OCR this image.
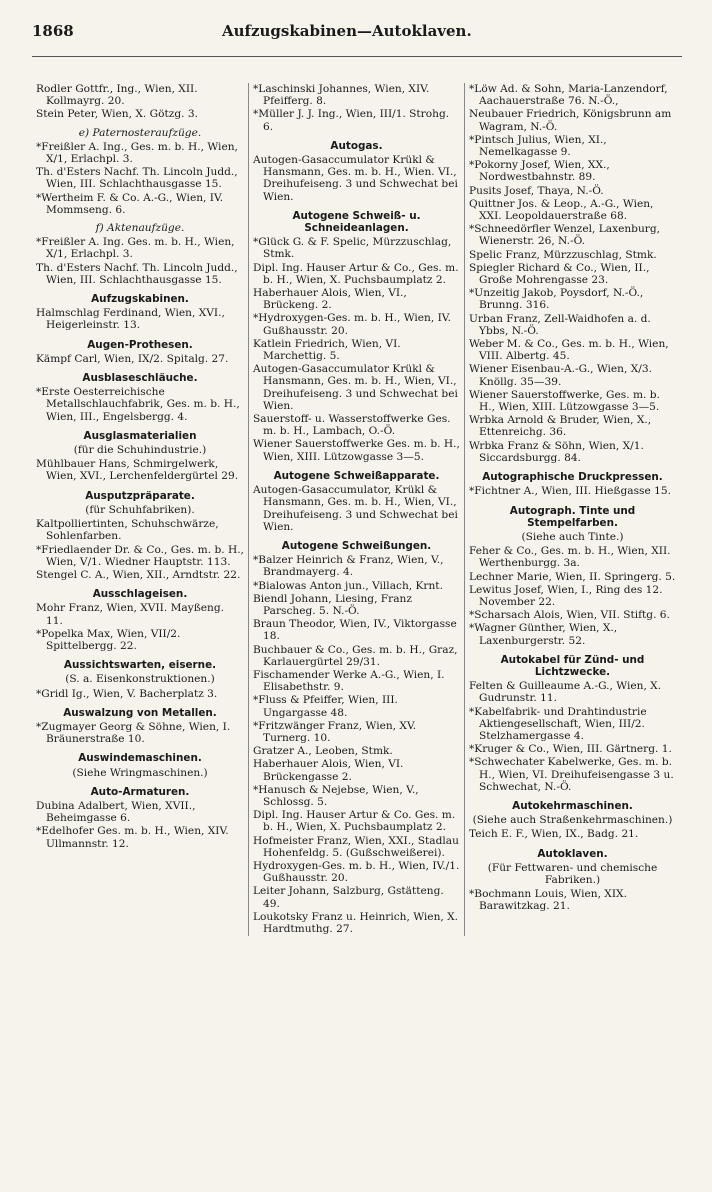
1868	Aufzugskabinen—Autoklaven.
Rodler Gottfr., Ing., Wien, XII. Kollmayrg. 20.
Stein Peter, Wien, X. Götzg. 3.
e) Paternosteraufzüge.
*Freißler A. Ing., Ges. m. b. H., Wien, X/1, Erlachpl. 3.
Th. d'Esters Nachf. Th. Lincoln Judd., Wien, III. Schlachthausgasse 15.
*Wertheim F. & Co. A.-G., Wien, IV. Mommseng. 6.
f) Aktenaufzüge.
*Freißler A. Ing. Ges. m. b. H., Wien, X/1, Erlachpl. 3.
Th. d'Esters Nachf. Th. Lincoln Judd., Wien, III. Schlachthausgasse 15.
Aufzugskabinen.
Halmschlag Ferdinand, Wien, XVI., Heigerleinstr. 13.
Augen-Prothesen.
Kämpf Carl, Wien, IX/2. Spitalg. 27.
Ausblaseschläuche.
*Erste Oesterreichische Metallschlauchfabrik, Ges. m. b. H., Wien, III., Engelsbergg. 4.
Ausglasmaterialien
(für die Schuhindustrie.)
Mühlbauer Hans, Schmirgelwerk, Wien, XVI., Lerchenfeldergürtel 29.
Ausputzpräparate.
(für Schuhfabriken).
Kaltpolliertinten, Schuhschwärze, Sohlenfarben.
*Friedlaender Dr. & Co., Ges. m. b. H., Wien, V/1. Wiedner Hauptstr. 113.
Stengel C. A., Wien, XII., Arndtstr. 22.
Ausschlageisen.
Mohr Franz, Wien, XVII. Mayßeng. 11.
*Popelka Max, Wien, VII/2. Spittelbergg. 22.
Aussichtswarten, eiserne.
(S. a. Eisenkonstruktionen.)
*Gridl Ig., Wien, V. Bacherplatz 3.
Auswalzung von Metallen.
*Zugmayer Georg & Söhne, Wien, I. Bräunerstraße 10.
Auswindemaschinen.
(Siehe Wringmaschinen.)
Auto-Armaturen.
Dubina Adalbert, Wien, XVII., Beheimgasse 6.
*Edelhofer Ges. m. b. H., Wien, XIV. Ullmannstr. 12.
*Laschinski Johannes, Wien, XIV. Pfeifferg. 8.
*Müller J. J. Ing., Wien, III/1. Strohg. 6.
Autogas.
Autogen-Gasaccumulator Krükl & Hansmann, Ges. m. b. H., Wien. VI., Dreihufeiseng. 3 und Schwechat bei Wien.
Autogene Schweiß- u. Schneideanlagen.
*Glück G. & F. Spelic, Mürzzuschlag, Stmk.
Dipl. Ing. Hauser Artur & Co., Ges. m. b. H., Wien, X. Puchsbaumplatz 2.
Haberhauer Alois, Wien, VI., Brückeng. 2.
*Hydroxygen-Ges. m. b. H., Wien, IV. Gußhausstr. 20.
Katlein Friedrich, Wien, VI. Marchettig. 5.
Autogen-Gasaccumulator Krükl & Hansmann, Ges. m. b. H., Wien, VI., Dreihufeiseng. 3 und Schwechat bei Wien.
Sauerstoff- u. Wasserstoffwerke Ges. m. b. H., Lambach, O.-Ö.
Wiener Sauerstoffwerke Ges. m. b. H., Wien, XIII. Lützowgasse 3—5.
Autogene Schweißapparate.
Autogen-Gasaccumulator, Krükl & Hansmann, Ges. m. b. H., Wien, VI., Dreihufeiseng. 3 und Schwechat bei Wien.
Autogene Schweißungen.
*Balzer Heinrich & Franz, Wien, V., Brandmayerg. 4.
*Bialowas Anton jun., Villach, Krnt.
Biendl Johann, Liesing, Franz Parscheg. 5. N.-Ö.
Braun Theodor, Wien, IV., Viktorgasse 18.
Buchbauer & Co., Ges. m. b. H., Graz, Karlauergürtel 29/31.
Fischamender Werke A.-G., Wien, I. Elisabethstr. 9.
*Fluss & Pfeiffer, Wien, III. Ungargasse 48.
*Fritzwänger Franz, Wien, XV. Turnerg. 10.
Gratzer A., Leoben, Stmk.
Haberhauer Alois, Wien, VI. Brückengasse 2.
*Hanusch & Nejebse, Wien, V., Schlossg. 5.
Dipl. Ing. Hauser Artur & Co. Ges. m. b. H., Wien, X. Puchsbaumplatz 2.
Hofmeister Franz, Wien, XXI., Stadlau Hohenfeldg. 5. (Gußschweißerei).
Hydroxygen-Ges. m. b. H., Wien, IV./1. Gußhausstr. 20.
Leiter Johann, Salzburg, Gstätteng. 49.
Loukotsky Franz u. Heinrich, Wien, X. Hardtmuthg. 27.
*Löw Ad. & Sohn, Maria-Lanzendorf, Aachauerstraße 76. N.-Ö.,
Neubauer Friedrich, Königsbrunn am Wagram, N.-Ö.
*Pintsch Julius, Wien, XI., Nemelkagasse 9.
*Pokorny Josef, Wien, XX., Nordwestbahnstr. 89.
Pusits Josef, Thaya, N.-Ö.
Quittner Jos. & Leop., A.-G., Wien, XXI. Leopoldauerstraße 68.
*Schneedörfler Wenzel, Laxenburg, Wienerstr. 26, N.-Ö.
Spelic Franz, Mürzzuschlag, Stmk.
Spiegler Richard & Co., Wien, II., Große Mohrengasse 23.
*Unzeitig Jakob, Poysdorf, N.-Ö., Brunng. 316.
Urban Franz, Zell-Waidhofen a. d. Ybbs, N.-Ö.
Weber M. & Co., Ges. m. b. H., Wien, VIII. Albertg. 45.
Wiener Eisenbau-A.-G., Wien, X/3. Knöllg. 35—39.
Wiener Sauerstoffwerke, Ges. m. b. H., Wien, XIII. Lützowgasse 3—5.
Wrbka Arnold & Bruder, Wien, X., Ettenreichg. 36.
Wrbka Franz & Söhn, Wien, X/1. Siccardsburgg. 84.
Autographische Druckpressen.
*Fichtner A., Wien, III. Hießgasse 15.
Autograph. Tinte und Stempelfarben.
(Siehe auch Tinte.)
Feher & Co., Ges. m. b. H., Wien, XII. Werthenburgg. 3a.
Lechner Marie, Wien, II. Springerg. 5.
Lewitus Josef, Wien, I., Ring des 12. November 22.
*Scharsach Alois, Wien, VII. Stiftg. 6.
*Wagner Günther, Wien, X., Laxenburgerstr. 52.
Autokabel für Zünd- und Lichtzwecke.
Felten & Guilleaume A.-G., Wien, X. Gudrunstr. 11.
*Kabelfabrik- und Drahtindustrie Aktiengesellschaft, Wien, III/2. Stelzhamergasse 4.
*Kruger & Co., Wien, III. Gärtnerg. 1.
*Schwechater Kabelwerke, Ges. m. b. H., Wien, VI. Dreihufeisengasse 3 u. Schwechat, N.-Ö.
Autokehrmaschinen.
(Siehe auch Straßenkehrmaschinen.)
Teich E. F., Wien, IX., Badg. 21.
Autoklaven.
(Für Fettwaren- und chemische Fabriken.)
*Bochmann Louis, Wien, XIX. Barawitzkag. 21.
